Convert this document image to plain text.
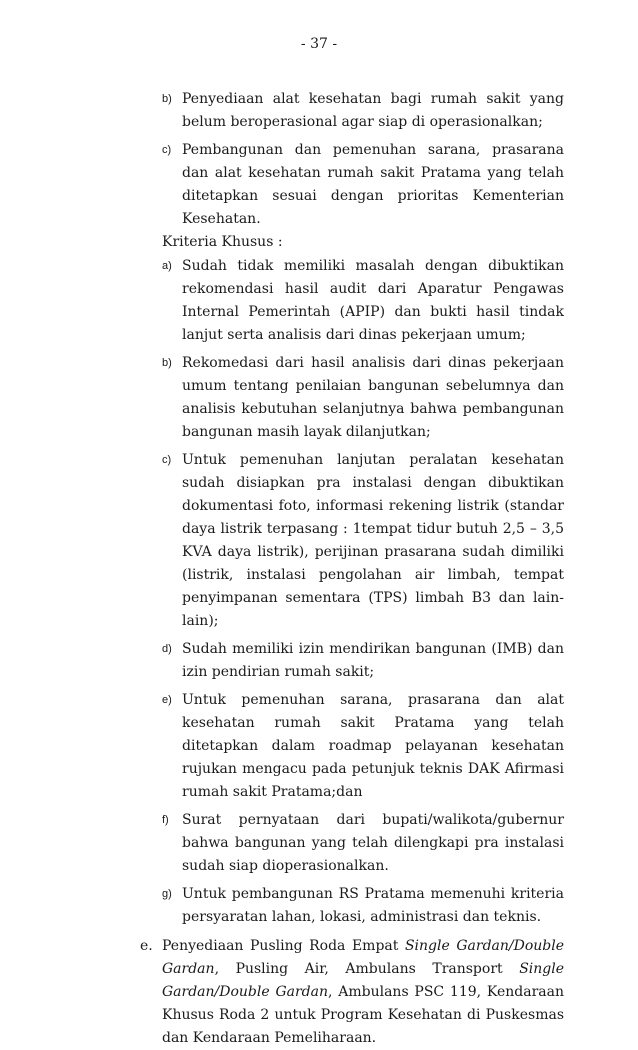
- 37 -
b) Penyediaan alat kesehatan bagi rumah sakit yang belum beroperasional agar siap di operasionalkan;
c) Pembangunan dan pemenuhan sarana, prasarana dan alat kesehatan rumah sakit Pratama yang telah ditetapkan sesuai dengan prioritas Kementerian Kesehatan.
Kriteria Khusus :
a) Sudah tidak memiliki masalah dengan dibuktikan rekomendasi hasil audit dari Aparatur Pengawas Internal Pemerintah (APIP) dan bukti hasil tindak lanjut serta analisis dari dinas pekerjaan umum;
b) Rekomedasi dari hasil analisis dari dinas pekerjaan umum tentang penilaian bangunan sebelumnya dan analisis kebutuhan selanjutnya bahwa pembangunan bangunan masih layak dilanjutkan;
c) Untuk pemenuhan lanjutan peralatan kesehatan sudah disiapkan pra instalasi dengan dibuktikan dokumentasi foto, informasi rekening listrik (standar daya listrik terpasang : 1tempat tidur butuh 2,5 – 3,5 KVA daya listrik), perijinan prasarana sudah dimiliki (listrik, instalasi pengolahan air limbah, tempat penyimpanan sementara (TPS) limbah B3 dan lain-lain);
d) Sudah memiliki izin mendirikan bangunan (IMB) dan izin pendirian rumah sakit;
e) Untuk pemenuhan sarana, prasarana dan alat kesehatan rumah sakit Pratama yang telah ditetapkan dalam roadmap pelayanan kesehatan rujukan mengacu pada petunjuk teknis DAK Afirmasi rumah sakit Pratama;dan
f) Surat pernyataan dari bupati/walikota/gubernur bahwa bangunan yang telah dilengkapi pra instalasi sudah siap dioperasionalkan.
g) Untuk pembangunan RS Pratama memenuhi kriteria persyaratan lahan, lokasi, administrasi dan teknis.
e. Penyediaan Pusling Roda Empat Single Gardan/Double Gardan, Pusling Air, Ambulans Transport Single Gardan/Double Gardan, Ambulans PSC 119, Kendaraan Khusus Roda 2 untuk Program Kesehatan di Puskesmas dan Kendaraan Pemeliharaan.
